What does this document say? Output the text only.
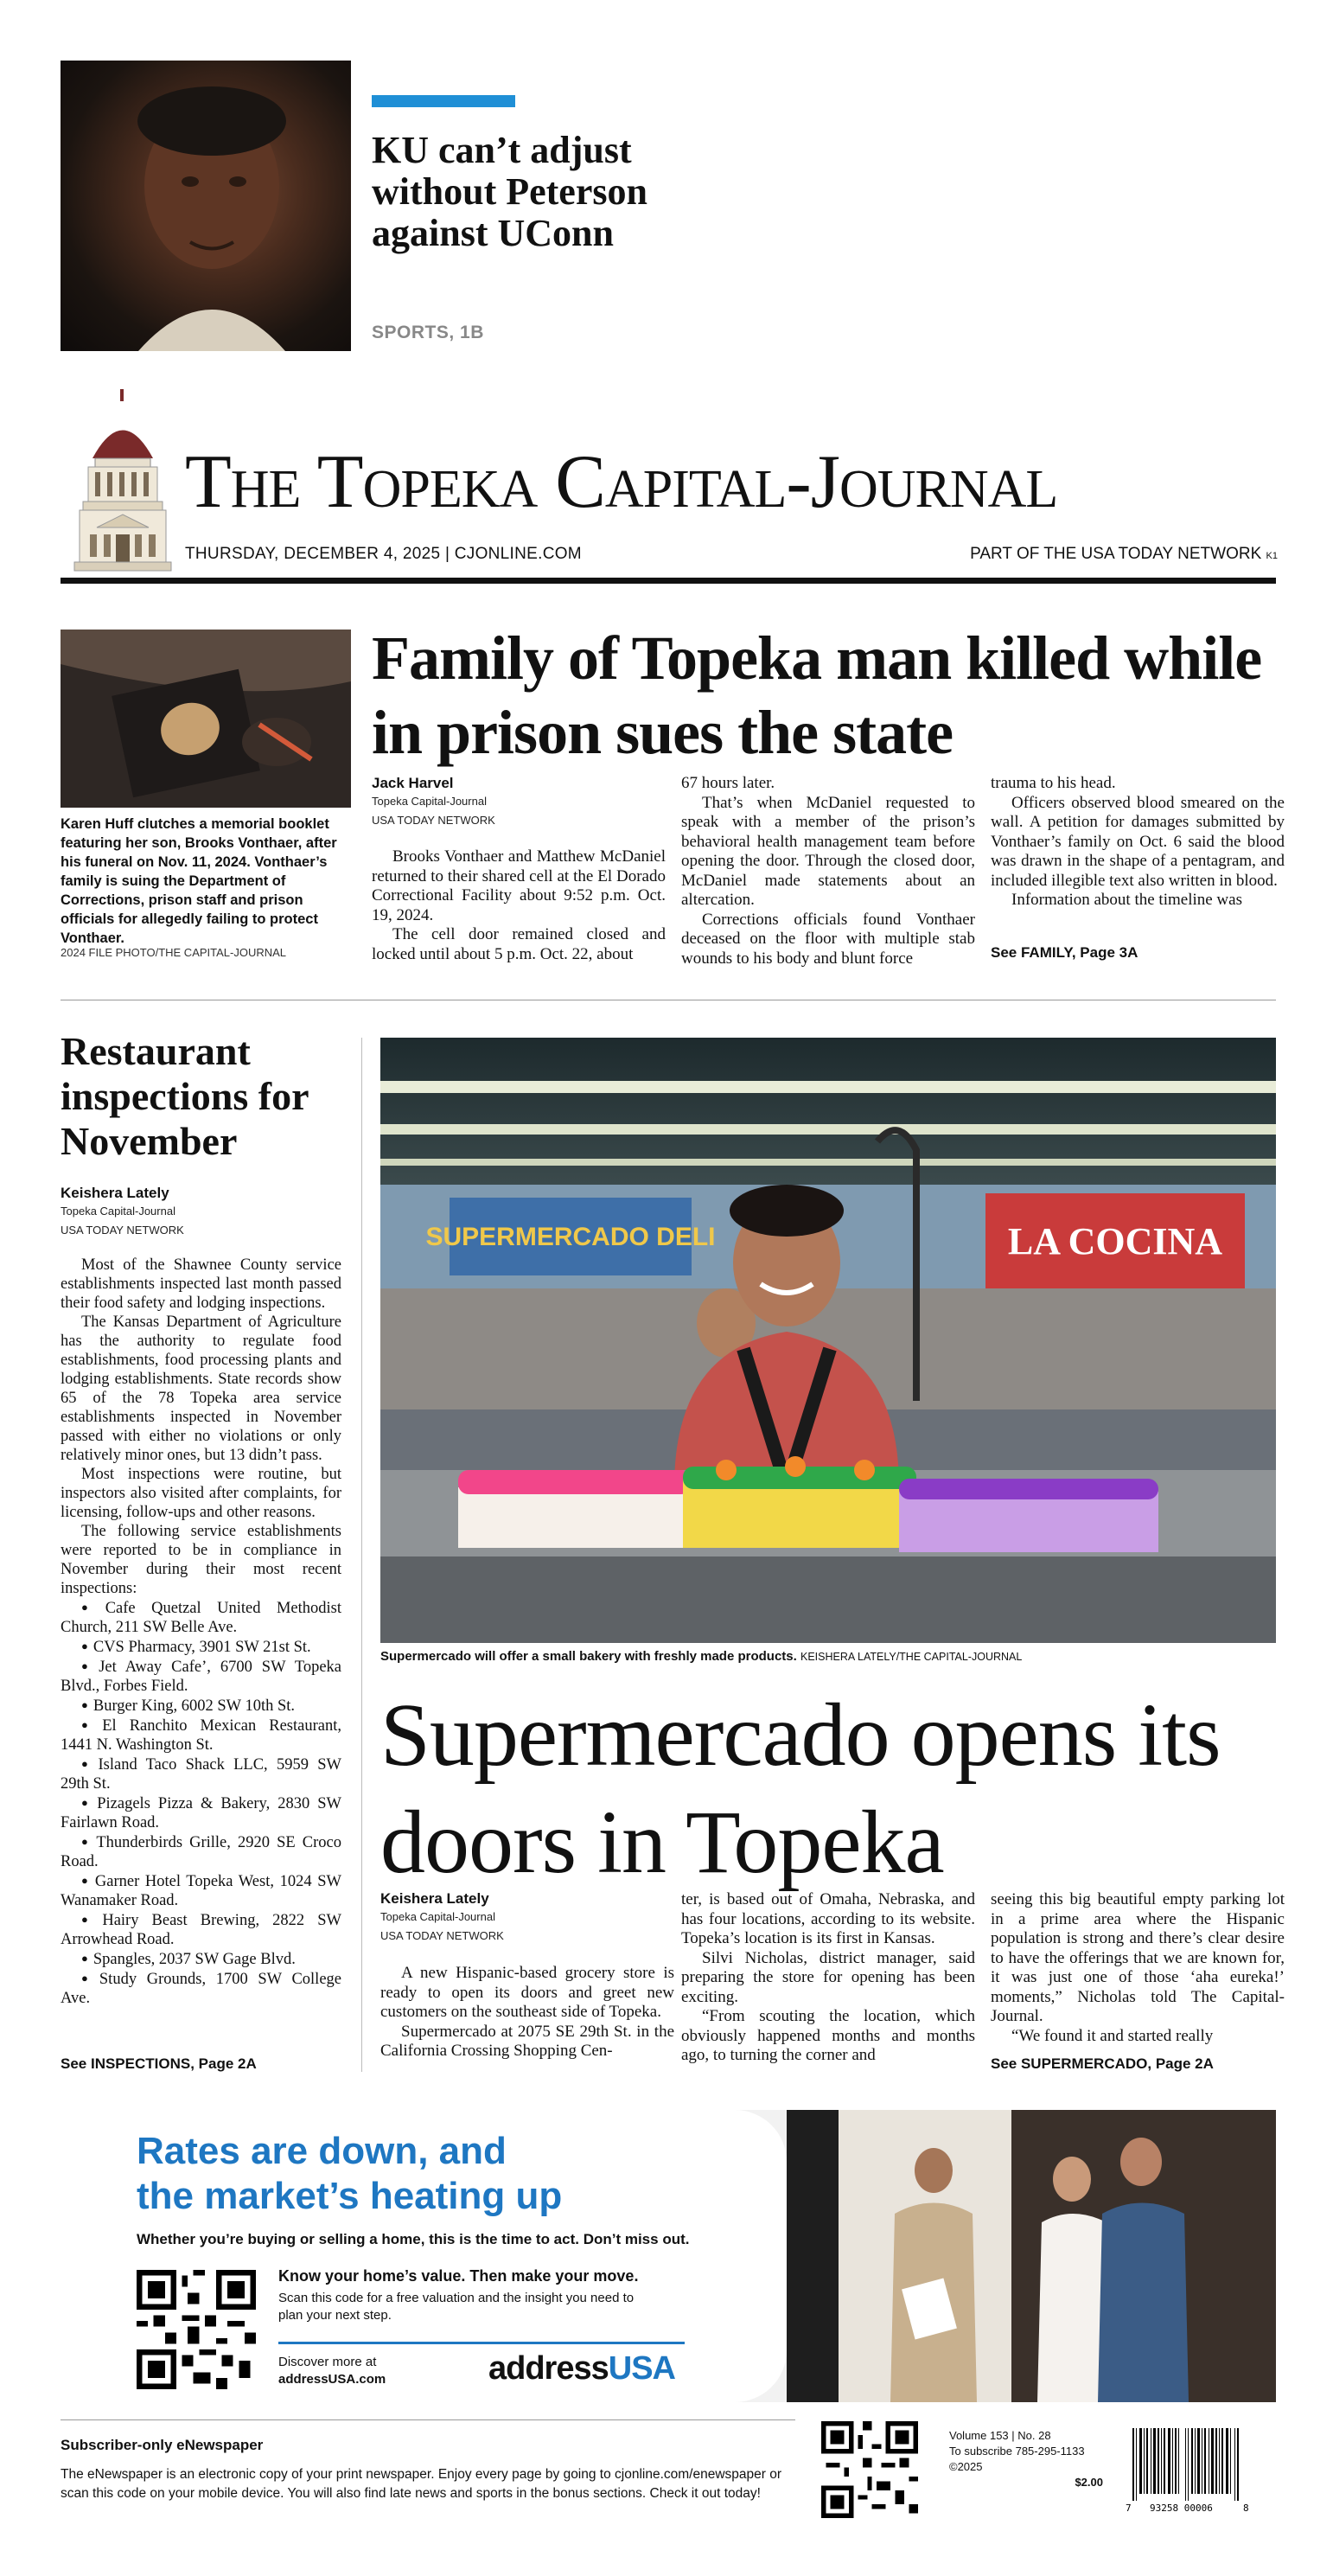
KU can’t adjust without Peterson against UConn
SPORTS, 1B
The Topeka Capital-Journal
THURSDAY, DECEMBER 4, 2025 | CJONLINE.COM	PART OF THE USA TODAY NETWORK K1
Karen Huff clutches a memorial booklet featuring her son, Brooks Vonthaer, after his funeral on Nov. 11, 2024. Vonthaer’s family is suing the Department of Corrections, prison staff and prison officials for allegedly failing to protect Vonthaer.
2024 FILE PHOTO/THE CAPITAL-JOURNAL
Family of Topeka man killed while in prison sues the state
Jack Harvel
Topeka Capital-Journal
USA TODAY NETWORK

Brooks Vonthaer and Matthew McDaniel returned to their shared cell at the El Dorado Correctional Facility about 9:52 p.m. Oct. 19, 2024.

The cell door remained closed and locked until about 5 p.m. Oct. 22, about

67 hours later.

That’s when McDaniel requested to speak with a member of the prison’s behavioral health management team before opening the door. Through the closed door, McDaniel made statements about an altercation.

Corrections officials found Vonthaer deceased on the floor with multiple stab wounds to his body and blunt force

trauma to his head.

Officers observed blood smeared on the wall. A petition for damages submitted by Vonthaer’s family on Oct. 6 said the blood was drawn in the shape of a pentagram, and included illegible text also written in blood.

Information about the timeline was

See FAMILY, Page 3A
Restaurant inspections for November
Keishera Lately
Topeka Capital-Journal
USA TODAY NETWORK

Most of the Shawnee County service establishments inspected last month passed their food safety and lodging inspections.

The Kansas Department of Agriculture has the authority to regulate food establishments, food processing plants and lodging establishments. State records show 65 of the 78 Topeka area service establishments inspected in November passed with either no violations or only relatively minor ones, but 13 didn’t pass.

Most inspections were routine, but inspectors also visited after complaints, for licensing, follow-ups and other reasons.

The following service establishments were reported to be in compliance in November during their most recent inspections:

● Cafe Quetzal United Methodist Church, 211 SW Belle Ave.
● CVS Pharmacy, 3901 SW 21st St.
● Jet Away Cafe’, 6700 SW Topeka Blvd., Forbes Field.
● Burger King, 6002 SW 10th St.
● El Ranchito Mexican Restaurant, 1441 N. Washington St.
● Island Taco Shack LLC, 5959 SW 29th St.
● Pizagels Pizza & Bakery, 2830 SW Fairlawn Road.
● Thunderbirds Grille, 2920 SE Croco Road.
● Garner Hotel Topeka West, 1024 SW Wanamaker Road.
● Hairy Beast Brewing, 2822 SW Arrowhead Road.
● Spangles, 2037 SW Gage Blvd.
● Study Grounds, 1700 SW College Ave.
See INSPECTIONS, Page 2A
SUPERMERCADO DELI	LA COCINA
Supermercado will offer a small bakery with freshly made products. KEISHERA LATELY/THE CAPITAL-JOURNAL
Supermercado opens its doors in Topeka
Keishera Lately
Topeka Capital-Journal
USA TODAY NETWORK

A new Hispanic-based grocery store is ready to open its doors and greet new customers on the southeast side of Topeka.

Supermercado at 2075 SE 29th St. in the California Crossing Shopping Cen-

ter, is based out of Omaha, Nebraska, and has four locations, according to its website. Topeka’s location is its first in Kansas.

Silvi Nicholas, district manager, said preparing the store for opening has been exciting.

“From scouting the location, which obviously happened months and months ago, to turning the corner and

seeing this big beautiful empty parking lot in a prime area where the Hispanic population is strong and there’s clear desire to have the offerings that we are known for, it was just one of those ‘aha eureka!’ moments,” Nicholas told The Capital-Journal.

“We found it and started really

See SUPERMERCADO, Page 2A
Rates are down, and
the market’s heating up
Whether you’re buying or selling a home, this is the time to act. Don’t miss out.
Know your home’s value. Then make your move.
Scan this code for a free valuation and the insight you need to plan your next step.
Discover more at
addressUSA.com	addressUSA
Subscriber-only eNewspaper
The eNewspaper is an electronic copy of your print newspaper. Enjoy every page by going to cjonline.com/enewspaper or scan this code on your mobile device. You will also find late news and sports in the bonus sections. Check it out today!
Volume 153 | No. 28
To subscribe 785-295-1133
©2025
$2.00
7 93258 00006	8
